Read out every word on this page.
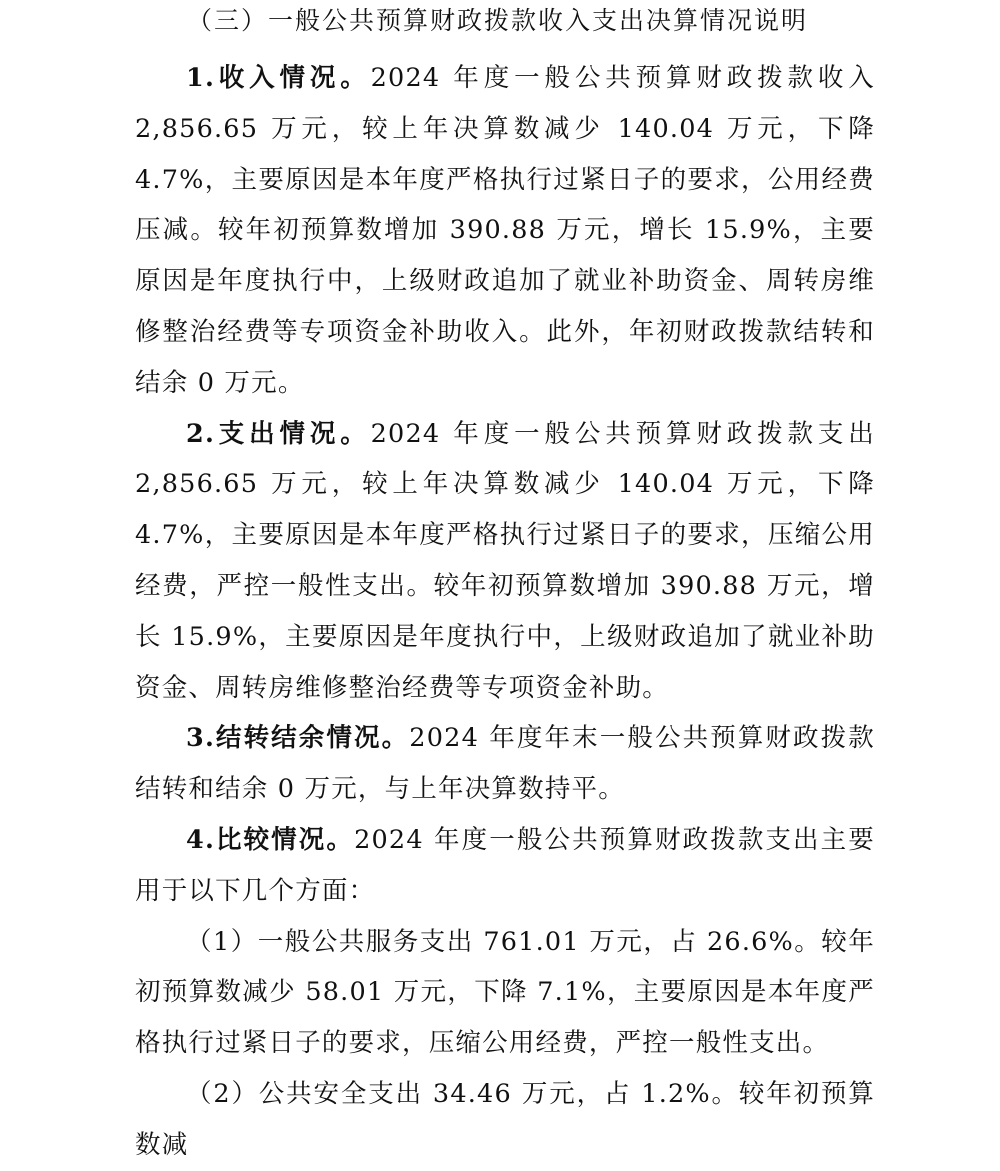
（三）一般公共预算财政拨款收入支出决算情况说明

1.收入情况。2024 年度一般公共预算财政拨款收入 2,856.65 万元，较上年决算数减少 140.04 万元，下降 4.7%，主要原因是本年度严格执行过紧日子的要求，公用经费压减。较年初预算数增加 390.88 万元，增长 15.9%，主要原因是年度执行中，上级财政追加了就业补助资金、周转房维修整治经费等专项资金补助收入。此外，年初财政拨款结转和结余 0 万元。

2.支出情况。2024 年度一般公共预算财政拨款支出 2,856.65 万元，较上年决算数减少 140.04 万元，下降 4.7%，主要原因是本年度严格执行过紧日子的要求，压缩公用经费，严控一般性支出。较年初预算数增加 390.88 万元，增长 15.9%，主要原因是年度执行中，上级财政追加了就业补助资金、周转房维修整治经费等专项资金补助。

3.结转结余情况。2024 年度年末一般公共预算财政拨款结转和结余 0 万元，与上年决算数持平。

4.比较情况。2024 年度一般公共预算财政拨款支出主要用于以下几个方面：

（1）一般公共服务支出 761.01 万元，占 26.6%。较年初预算数减少 58.01 万元，下降 7.1%，主要原因是本年度严格执行过紧日子的要求，压缩公用经费，严控一般性支出。

（2）公共安全支出 34.46 万元，占 1.2%。较年初预算数减
